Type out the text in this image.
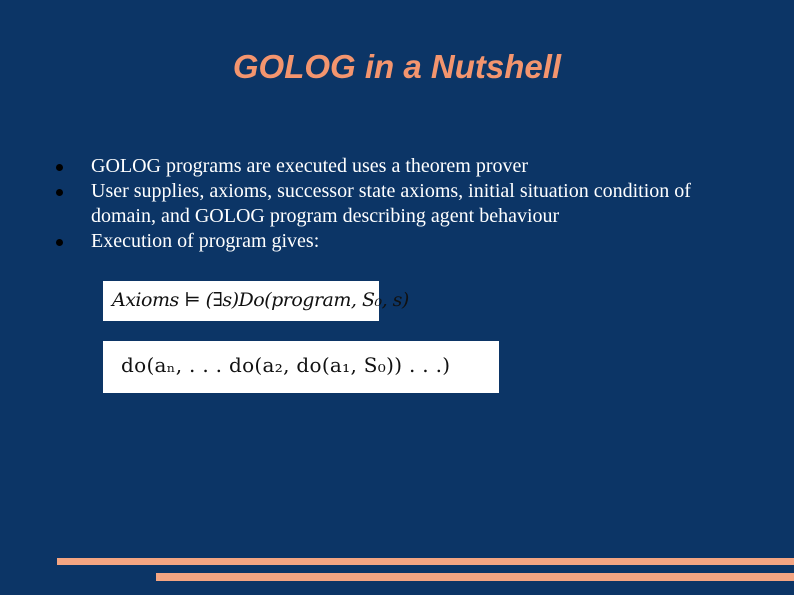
GOLOG in a Nutshell
GOLOG programs are executed uses a theorem prover
User supplies, axioms, successor state axioms, initial situation condition of domain, and GOLOG program describing agent behaviour
Execution of program gives:
Axioms ⊨ (∃s)Do(program, S₀, s)
do(aₙ, . . . do(a₂, do(a₁, S₀)) . . .)
